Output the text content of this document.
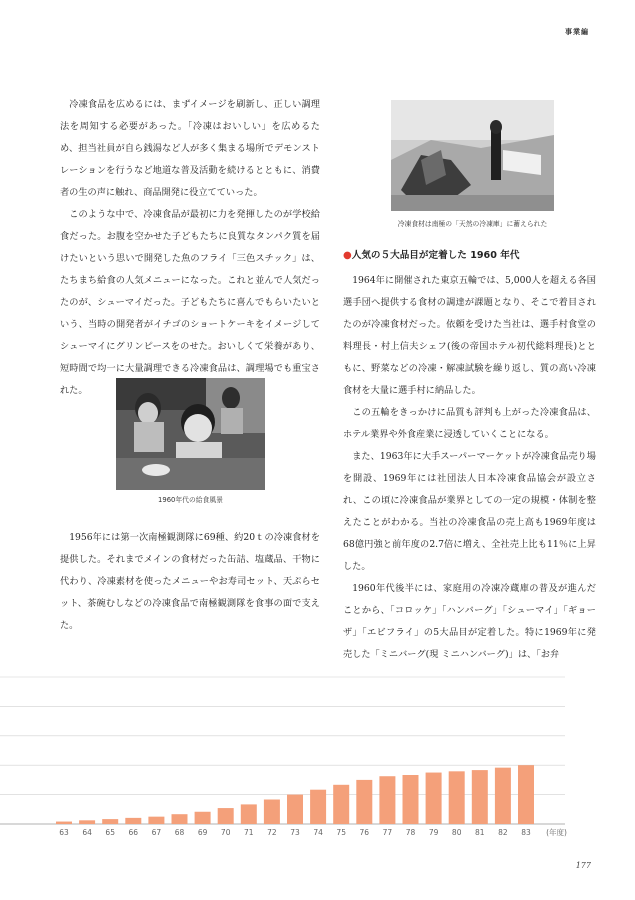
事業編

冷凍食品を広めるには、まずイメージを刷新し、正しい調理法を周知する必要があった。「冷凍はおいしい」を広めるため、担当社員が自ら銭湯など人が多く集まる場所でデモンストレーションを行うなど地道な普及活動を続けるとともに、消費者の生の声に触れ、商品開発に役立てていった。

このような中で、冷凍食品が最初に力を発揮したのが学校給食だった。お腹を空かせた子どもたちに良質なタンパク質を届けたいという思いで開発した魚のフライ「三色スチック」は、たちまち給食の人気メニューになった。これと並んで人気だったのが、シューマイだった。子どもたちに喜んでもらいたいという、当時の開発者がイチゴのショートケーキをイメージしてシューマイにグリンピースをのせた。おいしくて栄養があり、短時間で均一に大量調理できる冷凍食品は、調理場でも重宝された。

1960年代の給食風景

1956年には第一次南極観測隊に69種、約20ｔの冷凍食材を提供した。それまでメインの食材だった缶詰、塩蔵品、干物に代わり、冷凍素材を使ったメニューやお寿司セット、天ぷらセット、茶碗むしなどの冷凍食品で南極観測隊を食事の面で支えた。

冷凍食材は南極の「天然の冷凍庫」に蓄えられた
●人気の５大品目が定着した 1960 年代

1964年に開催された東京五輪では、5,000人を超える各国選手団へ提供する食材の調達が課題となり、そこで着目されたのが冷凍食材だった。依頼を受けた当社は、選手村食堂の料理長・村上信夫シェフ(後の帝国ホテル初代総料理長)とともに、野菜などの冷凍・解凍試験を繰り返し、質の高い冷凍食材を大量に選手村に納品した。

この五輪をきっかけに品質も評判も上がった冷凍食品は、ホテル業界や外食産業に浸透していくことになる。

また、1963年に大手スーパーマーケットが冷凍食品売り場を開設、1969年には社団法人日本冷凍食品協会が設立され、この頃に冷凍食品が業界としての一定の規模・体制を整えたことがわかる。当社の冷凍食品の売上高も1969年度は68億円強と前年度の2.7倍に増え、全社売上比も11％に上昇した。

1960年代後半には、家庭用の冷凍冷蔵庫の普及が進んだことから、「コロッケ」「ハンバーグ」「シューマイ」「ギョーザ」「エビフライ」の5大品目が定着した。特に1969年に発売した「ミニバーグ(現 ミニハンバーグ)」は、「お弁

63 64 65 66 67 68 69 70 71 72 73 74 75 76 77 78 79 80 81 82 83 (年度)
177
